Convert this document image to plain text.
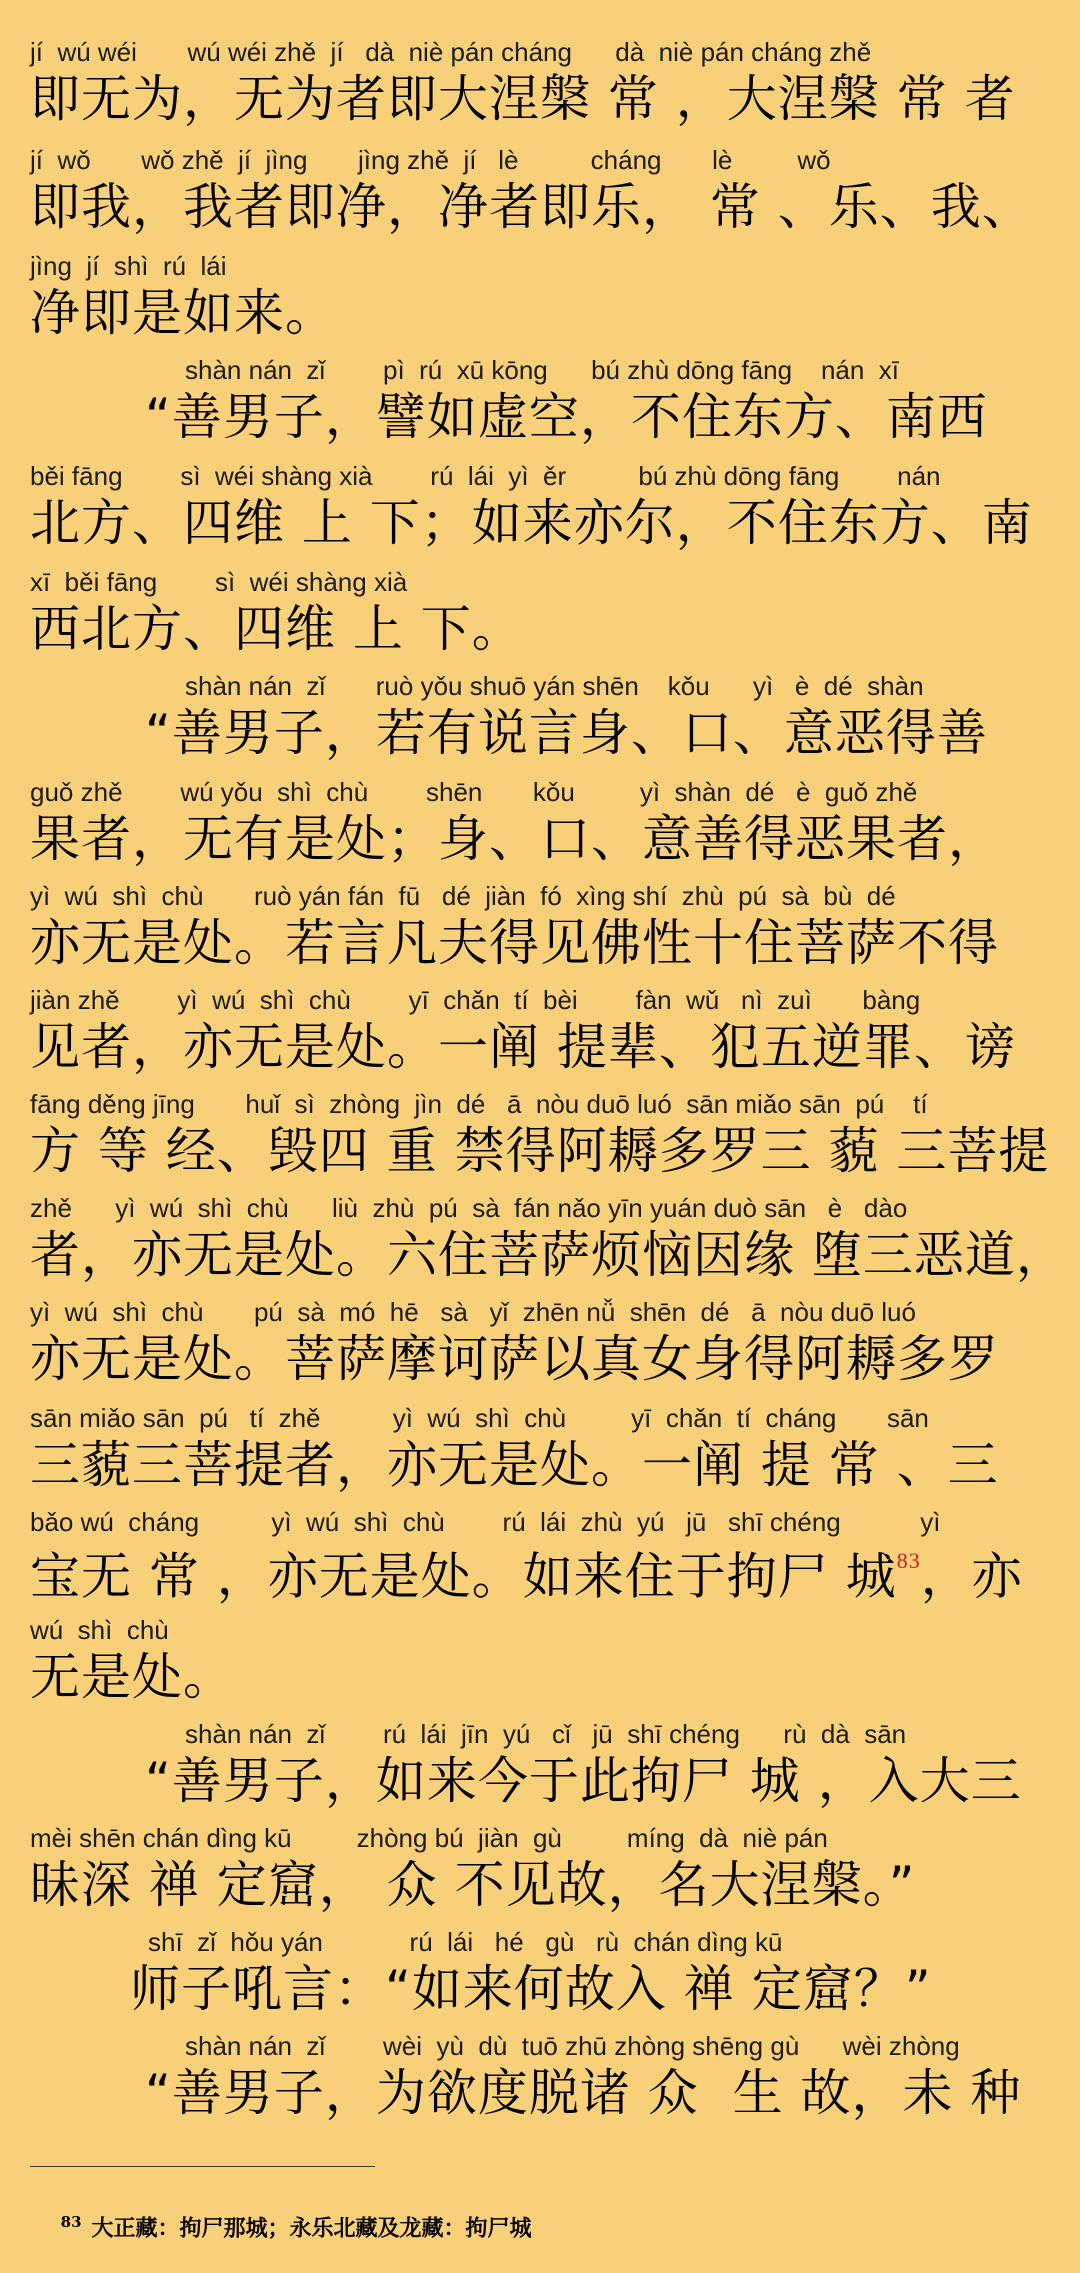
jí  wú wéi       wú wéi zhě  jí   dà  niè pán cháng      dà  niè pán cháng zhě
即无为，无为者即大涅槃 常 ，大涅槃 常 者
jí  wǒ       wǒ zhě  jí  jìng       jìng zhě  jí   lè          cháng       lè         wǒ
即我，我者即净，净者即乐， 常 、乐、我、
jìng  jí  shì  rú  lái
净即是如来。
shàn nán  zǐ        pì  rú  xū kōng      bú zhù dōng fāng    nán  xī
“善男子，譬如虚空，不住东方、南西
běi fāng        sì  wéi shàng xià        rú  lái  yì  ěr          bú zhù dōng fāng        nán
北方、四维 上 下；如来亦尔，不住东方、南
xī  běi fāng        sì  wéi shàng xià
西北方、四维 上 下。
shàn nán  zǐ       ruò yǒu shuō yán shēn    kǒu      yì   è  dé  shàn
“善男子，若有说言身、口、意恶得善
guǒ zhě        wú yǒu  shì  chù        shēn       kǒu         yì  shàn  dé   è  guǒ zhě
果者，无有是处；身、口、意善得恶果者，
yì  wú  shì  chù       ruò yán fán  fū   dé  jiàn  fó  xìng shí  zhù  pú  sà  bù  dé
亦无是处。若言凡夫得见佛性十住菩萨不得
jiàn zhě        yì  wú  shì  chù        yī  chǎn  tí  bèi        fàn  wǔ   nì  zuì       bàng
见者，亦无是处。一阐 提辈、犯五逆罪、谤
fāng děng jīng       huǐ  sì  zhòng  jìn  dé   ā  nòu duō luó  sān miǎo sān  pú    tí
方 等 经、毁四 重 禁得阿耨多罗三 藐 三菩提
zhě      yì  wú  shì  chù      liù  zhù  pú  sà  fán nǎo yīn yuán duò sān   è   dào
者，亦无是处。六住菩萨烦恼因缘 堕三恶道，
yì  wú  shì  chù       pú  sà  mó  hē   sà   yǐ  zhēn nǚ  shēn  dé   ā  nòu duō luó
亦无是处。菩萨摩诃萨以真女身得阿耨多罗
sān miǎo sān  pú   tí  zhě          yì  wú  shì  chù         yī  chǎn  tí  cháng       sān
三藐三菩提者，亦无是处。一阐 提 常 、三
bǎo wú  cháng          yì  wú  shì  chù        rú  lái  zhù  yú   jū   shī chéng           yì
宝无 常 ，亦无是处。如来住于拘尸 城$^{83}$，亦
wú  shì  chù
无是处。
shàn nán  zǐ        rú  lái  jīn  yú   cǐ   jū  shī chéng      rù  dà  sān
“善男子，如来今于此拘尸 城 ，入大三
mèi shēn chán dìng kū         zhòng bú  jiàn  gù         míng  dà  niè pán
昧深 禅 定窟， 众 不见故，名大涅槃。”
shī  zǐ  hǒu yán            rú  lái   hé   gù   rù  chán dìng kū
师子吼言：“如来何故入 禅 定窟？”
shàn nán  zǐ        wèi  yù  dù  tuō zhū zhòng shēng gù      wèi zhòng
“善男子，为欲度脱诸 众  生 故，未 种

$^{83}$ 大正藏：拘尸那城；永乐北藏及龙藏：拘尸城
